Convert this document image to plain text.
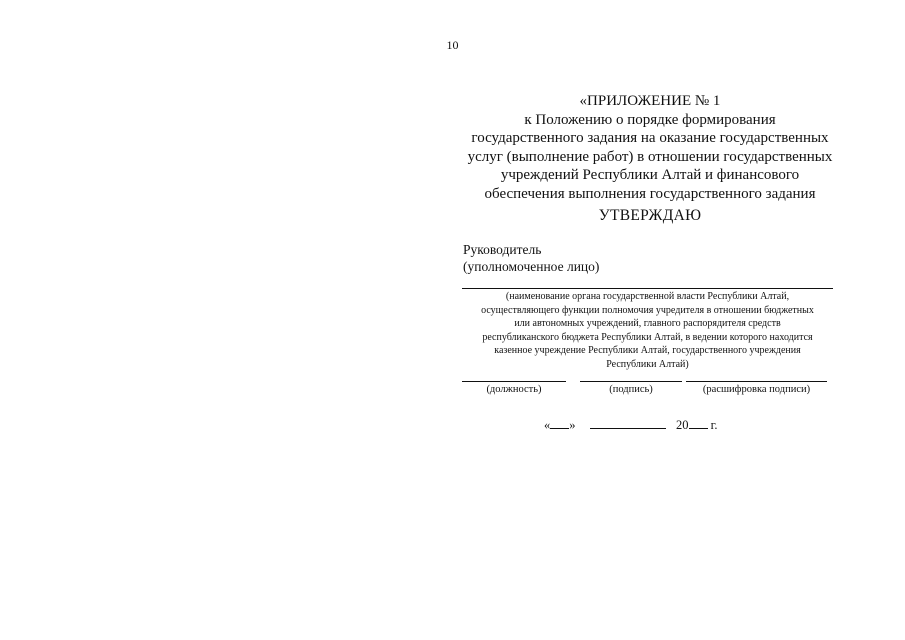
10
«ПРИЛОЖЕНИЕ № 1
к Положению о порядке формирования
государственного задания на оказание государственных
услуг (выполнение работ) в отношении государственных
учреждений Республики Алтай и финансового
обеспечения выполнения государственного задания
УТВЕРЖДАЮ
Руководитель
(уполномоченное лицо)
(наименование органа государственной власти Республики Алтай,
осуществляющего функции полномочия учредителя в отношении бюджетных
или автономных учреждений, главного распорядителя средств
республиканского бюджета Республики Алтай, в ведении которого находится
казенное учреждение Республики Алтай, государственного учреждения
Республики Алтай)
(должность)	(подпись)	(расшифровка подписи)
« »	20 г.
